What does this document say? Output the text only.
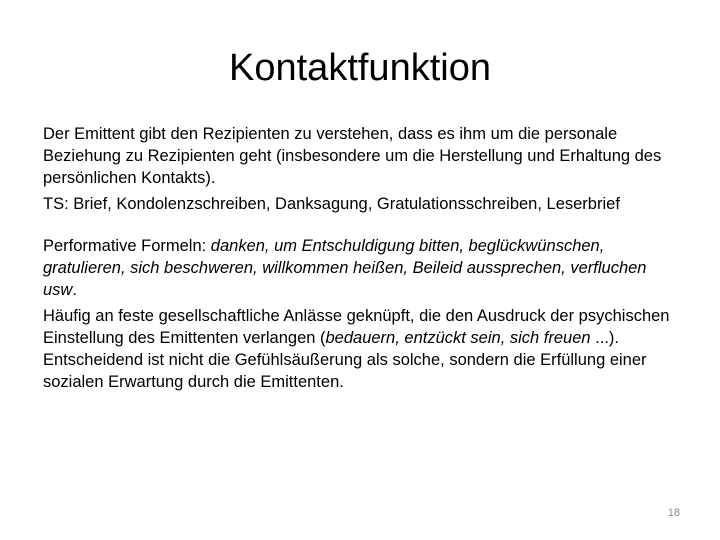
Kontaktfunktion

Der Emittent gibt den Rezipienten zu verstehen, dass es ihm um die personale Beziehung zu Rezipienten geht (insbesondere um die Herstellung und Erhaltung des persönlichen Kontakts).

TS: Brief, Kondolenzschreiben, Danksagung, Gratulationsschreiben, Leserbrief

Performative Formeln: danken, um Entschuldigung bitten, beglückwünschen, gratulieren, sich beschweren, willkommen heißen, Beileid aussprechen, verfluchen usw.

Häufig an feste gesellschaftliche Anlässe geknüpft, die den Ausdruck der psychischen Einstellung des Emittenten verlangen (bedauern, entzückt sein, sich freuen ...). Entscheidend ist nicht die Gefühlsäußerung als solche, sondern die Erfüllung einer sozialen Erwartung durch die Emittenten.

18
